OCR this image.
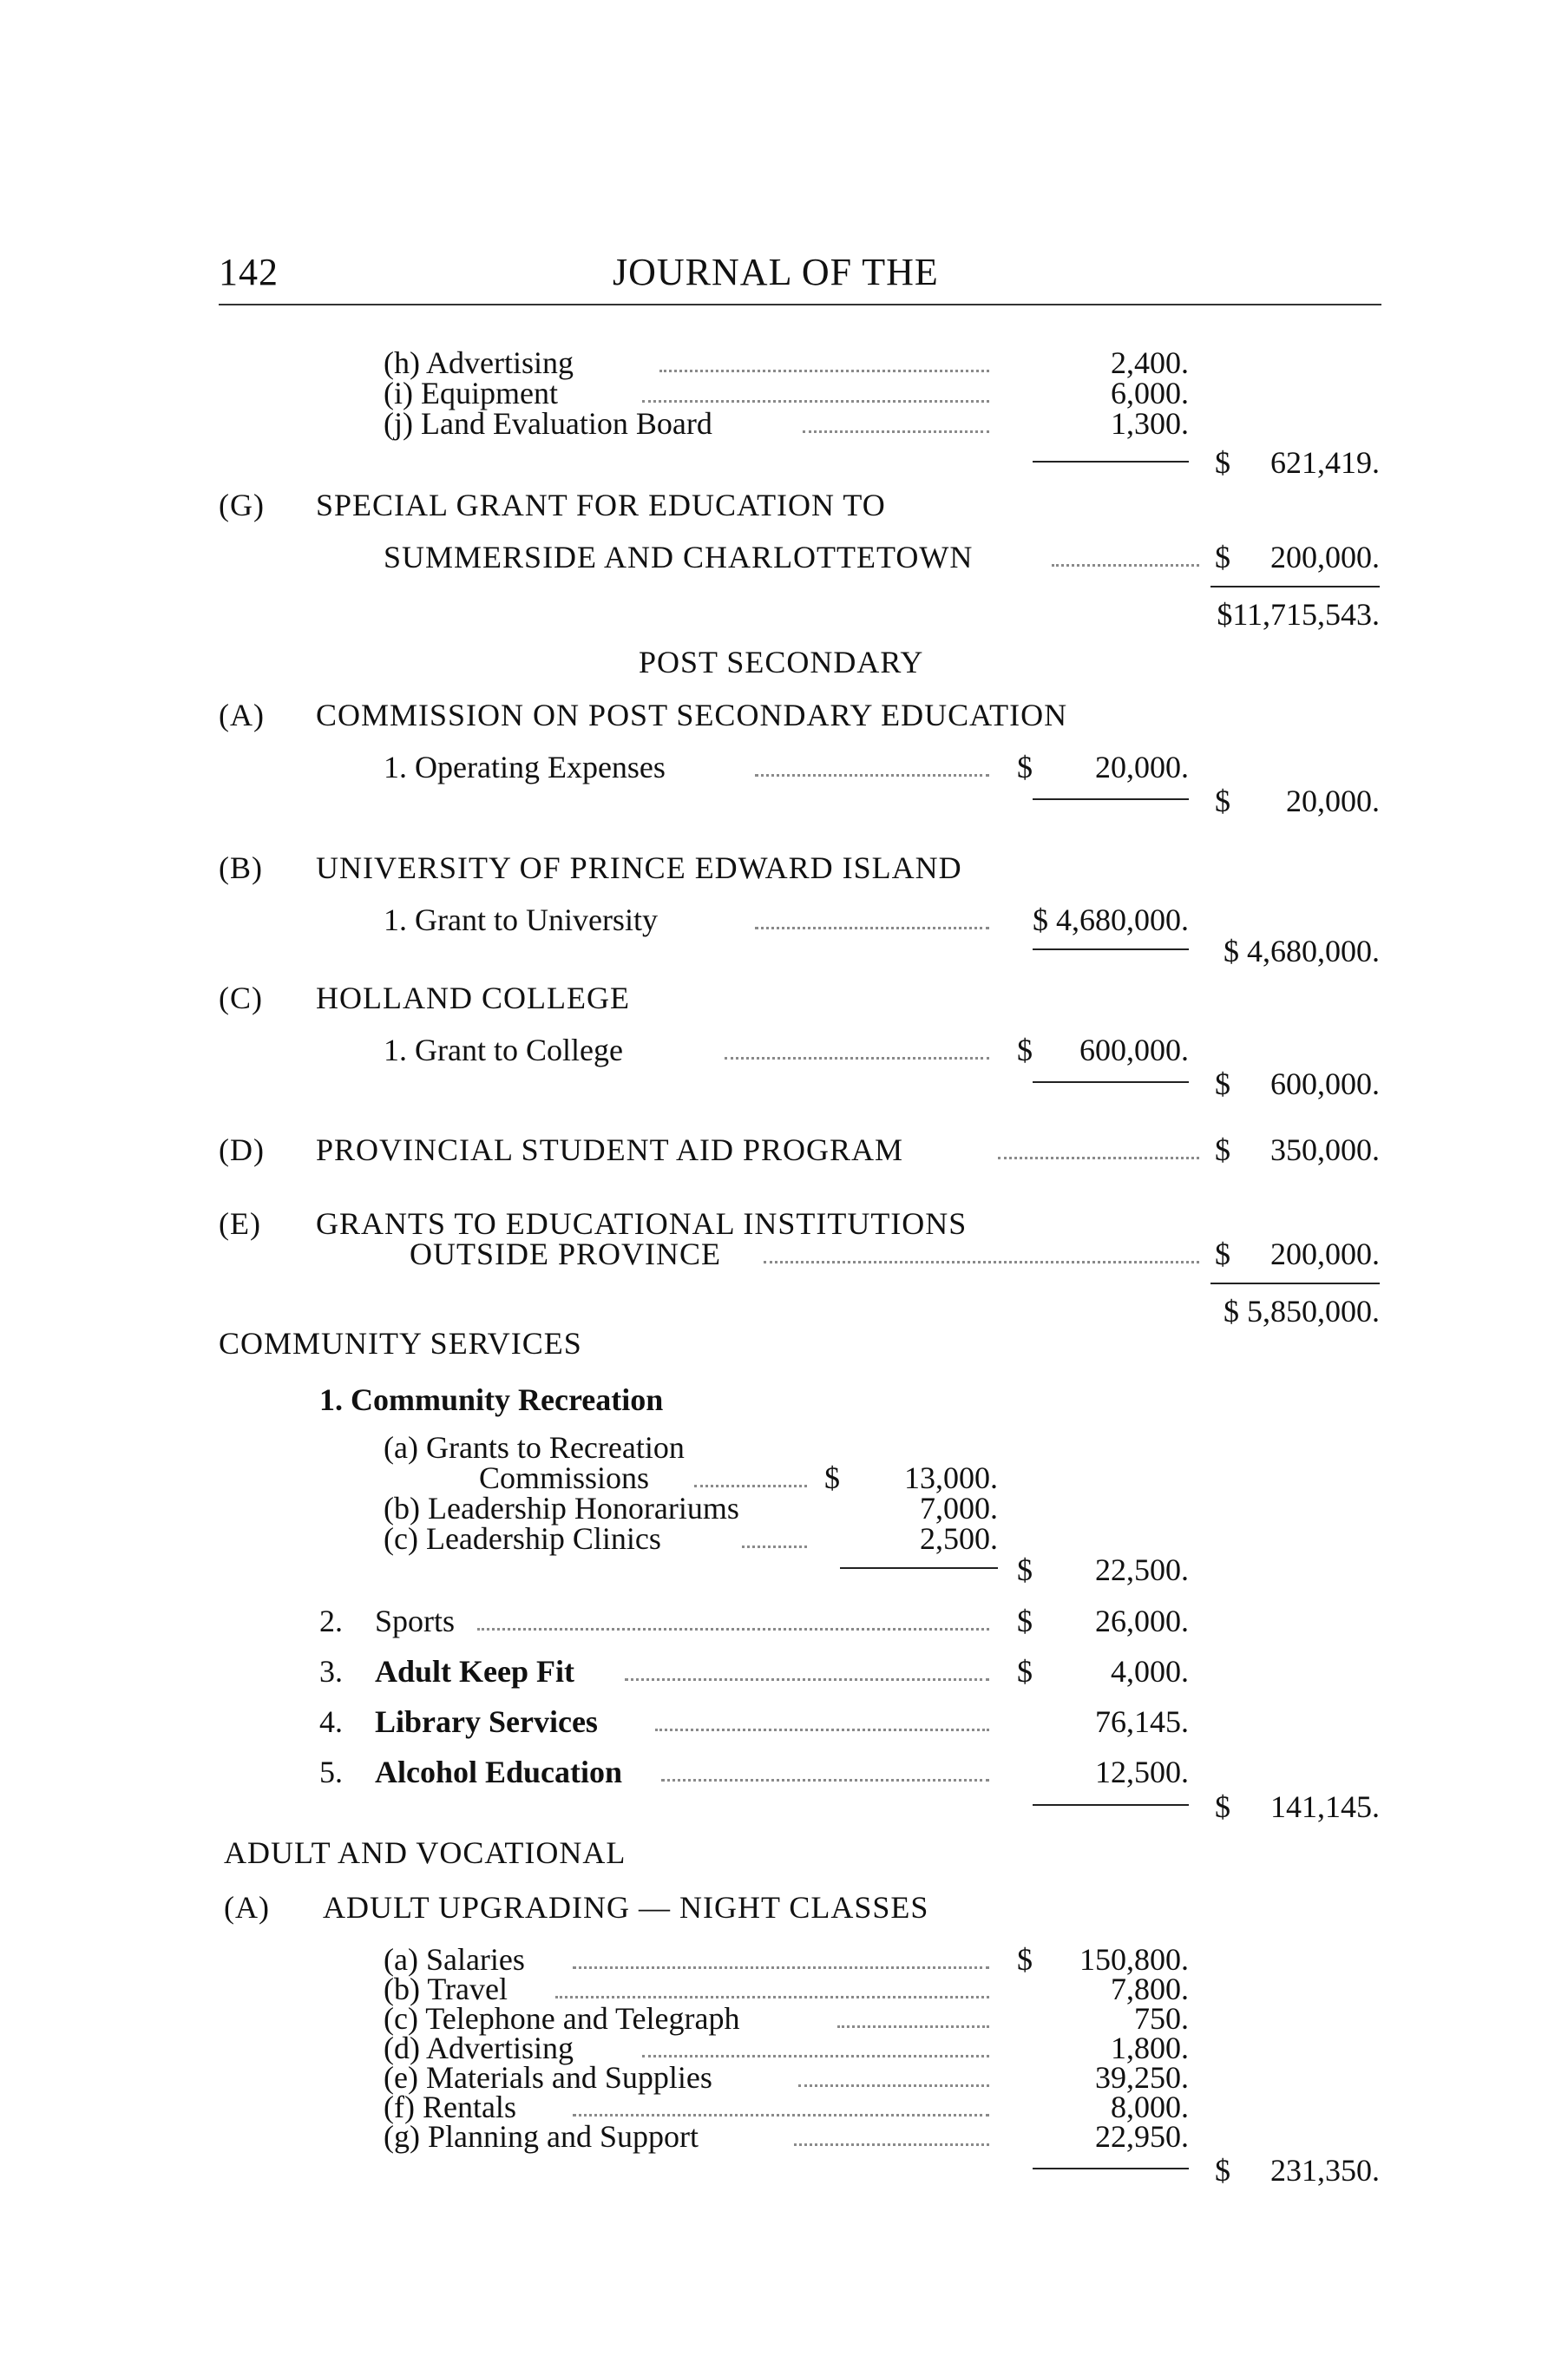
142	JOURNAL OF THE
(h) Advertising	2,400.
(i) Equipment	6,000.
(j) Land Evaluation Board	1,300.
$	621,419.
(G) SPECIAL GRANT FOR EDUCATION TO
SUMMERSIDE AND CHARLOTTETOWN	$	200,000.
$11,715,543.
POST SECONDARY
(A) COMMISSION ON POST SECONDARY EDUCATION
1. Operating Expenses	$	20,000.
$	20,000.
(B) UNIVERSITY OF PRINCE EDWARD ISLAND
1. Grant to University	$ 4,680,000.
$ 4,680,000.
(C) HOLLAND COLLEGE
1. Grant to College	$	600,000.
$	600,000.
(D) PROVINCIAL STUDENT AID PROGRAM	$	350,000.
(E) GRANTS TO EDUCATIONAL INSTITUTIONS
OUTSIDE PROVINCE	$	200,000.
$ 5,850,000.
COMMUNITY SERVICES
1. Community Recreation
(a) Grants to Recreation
Commissions	$	13,000.
(b) Leadership Honorariums	7,000.
(c) Leadership Clinics	2,500.
$	22,500.
2. Sports	$	26,000.
3. Adult Keep Fit	$	4,000.
4. Library Services	76,145.
5. Alcohol Education	12,500.
$	141,145.
ADULT AND VOCATIONAL
(A) ADULT UPGRADING — NIGHT CLASSES
(a) Salaries	$	150,800.
(b) Travel	7,800.
(c) Telephone and Telegraph	750.
(d) Advertising	1,800.
(e) Materials and Supplies	39,250.
(f) Rentals	8,000.
(g) Planning and Support	22,950.
$	231,350.
